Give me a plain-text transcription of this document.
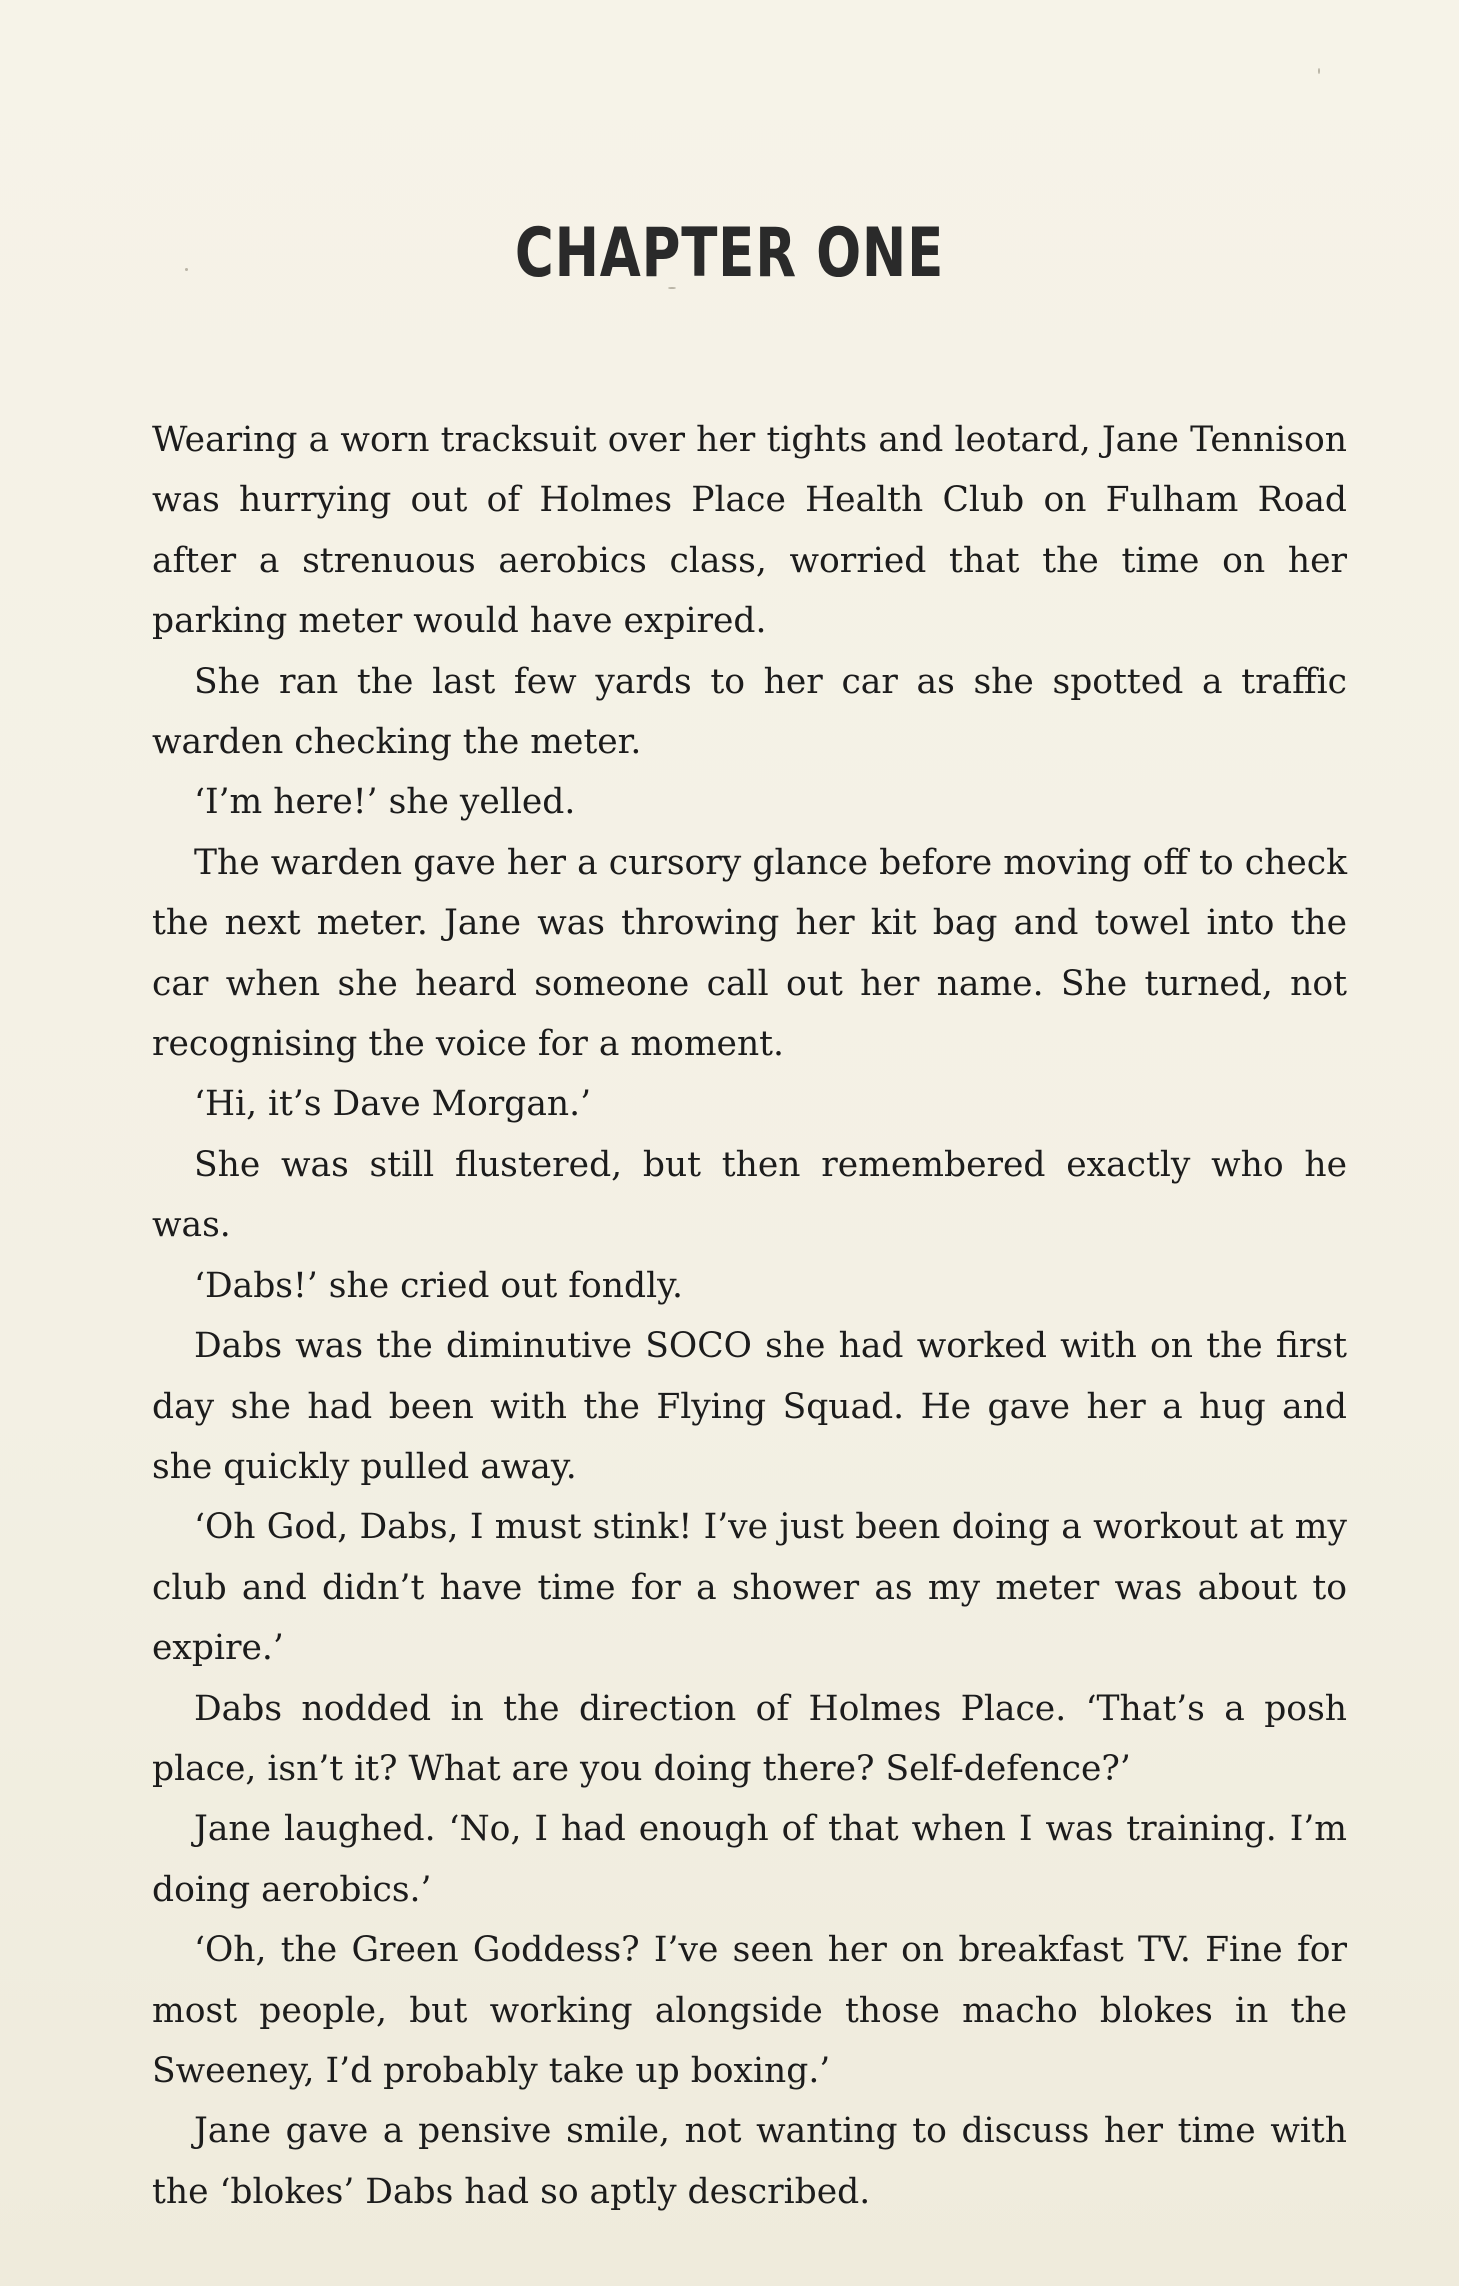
CHAPTER ONE

Wearing a worn tracksuit over her tights and leotard, Jane Tennison was hurrying out of Holmes Place Health Club on Fulham Road after a strenuous aerobics class, worried that the time on her parking meter would have expired.

She ran the last few yards to her car as she spotted a traffic warden checking the meter.

‘I’m here!’ she yelled.

The warden gave her a cursory glance before moving off to check the next meter. Jane was throwing her kit bag and towel into the car when she heard someone call out her name. She turned, not recognising the voice for a moment.

‘Hi, it’s Dave Morgan.’

She was still flustered, but then remembered exactly who he was.

‘Dabs!’ she cried out fondly.

Dabs was the diminutive SOCO she had worked with on the first day she had been with the Flying Squad. He gave her a hug and she quickly pulled away.

‘Oh God, Dabs, I must stink! I’ve just been doing a workout at my club and didn’t have time for a shower as my meter was about to expire.’

Dabs nodded in the direction of Holmes Place. ‘That’s a posh place, isn’t it? What are you doing there? Self-defence?’

Jane laughed. ‘No, I had enough of that when I was training. I’m doing aerobics.’

‘Oh, the Green Goddess? I’ve seen her on breakfast TV. Fine for most people, but working alongside those macho blokes in the Sweeney, I’d probably take up boxing.’

Jane gave a pensive smile, not wanting to discuss her time with the ‘blokes’ Dabs had so aptly described.
